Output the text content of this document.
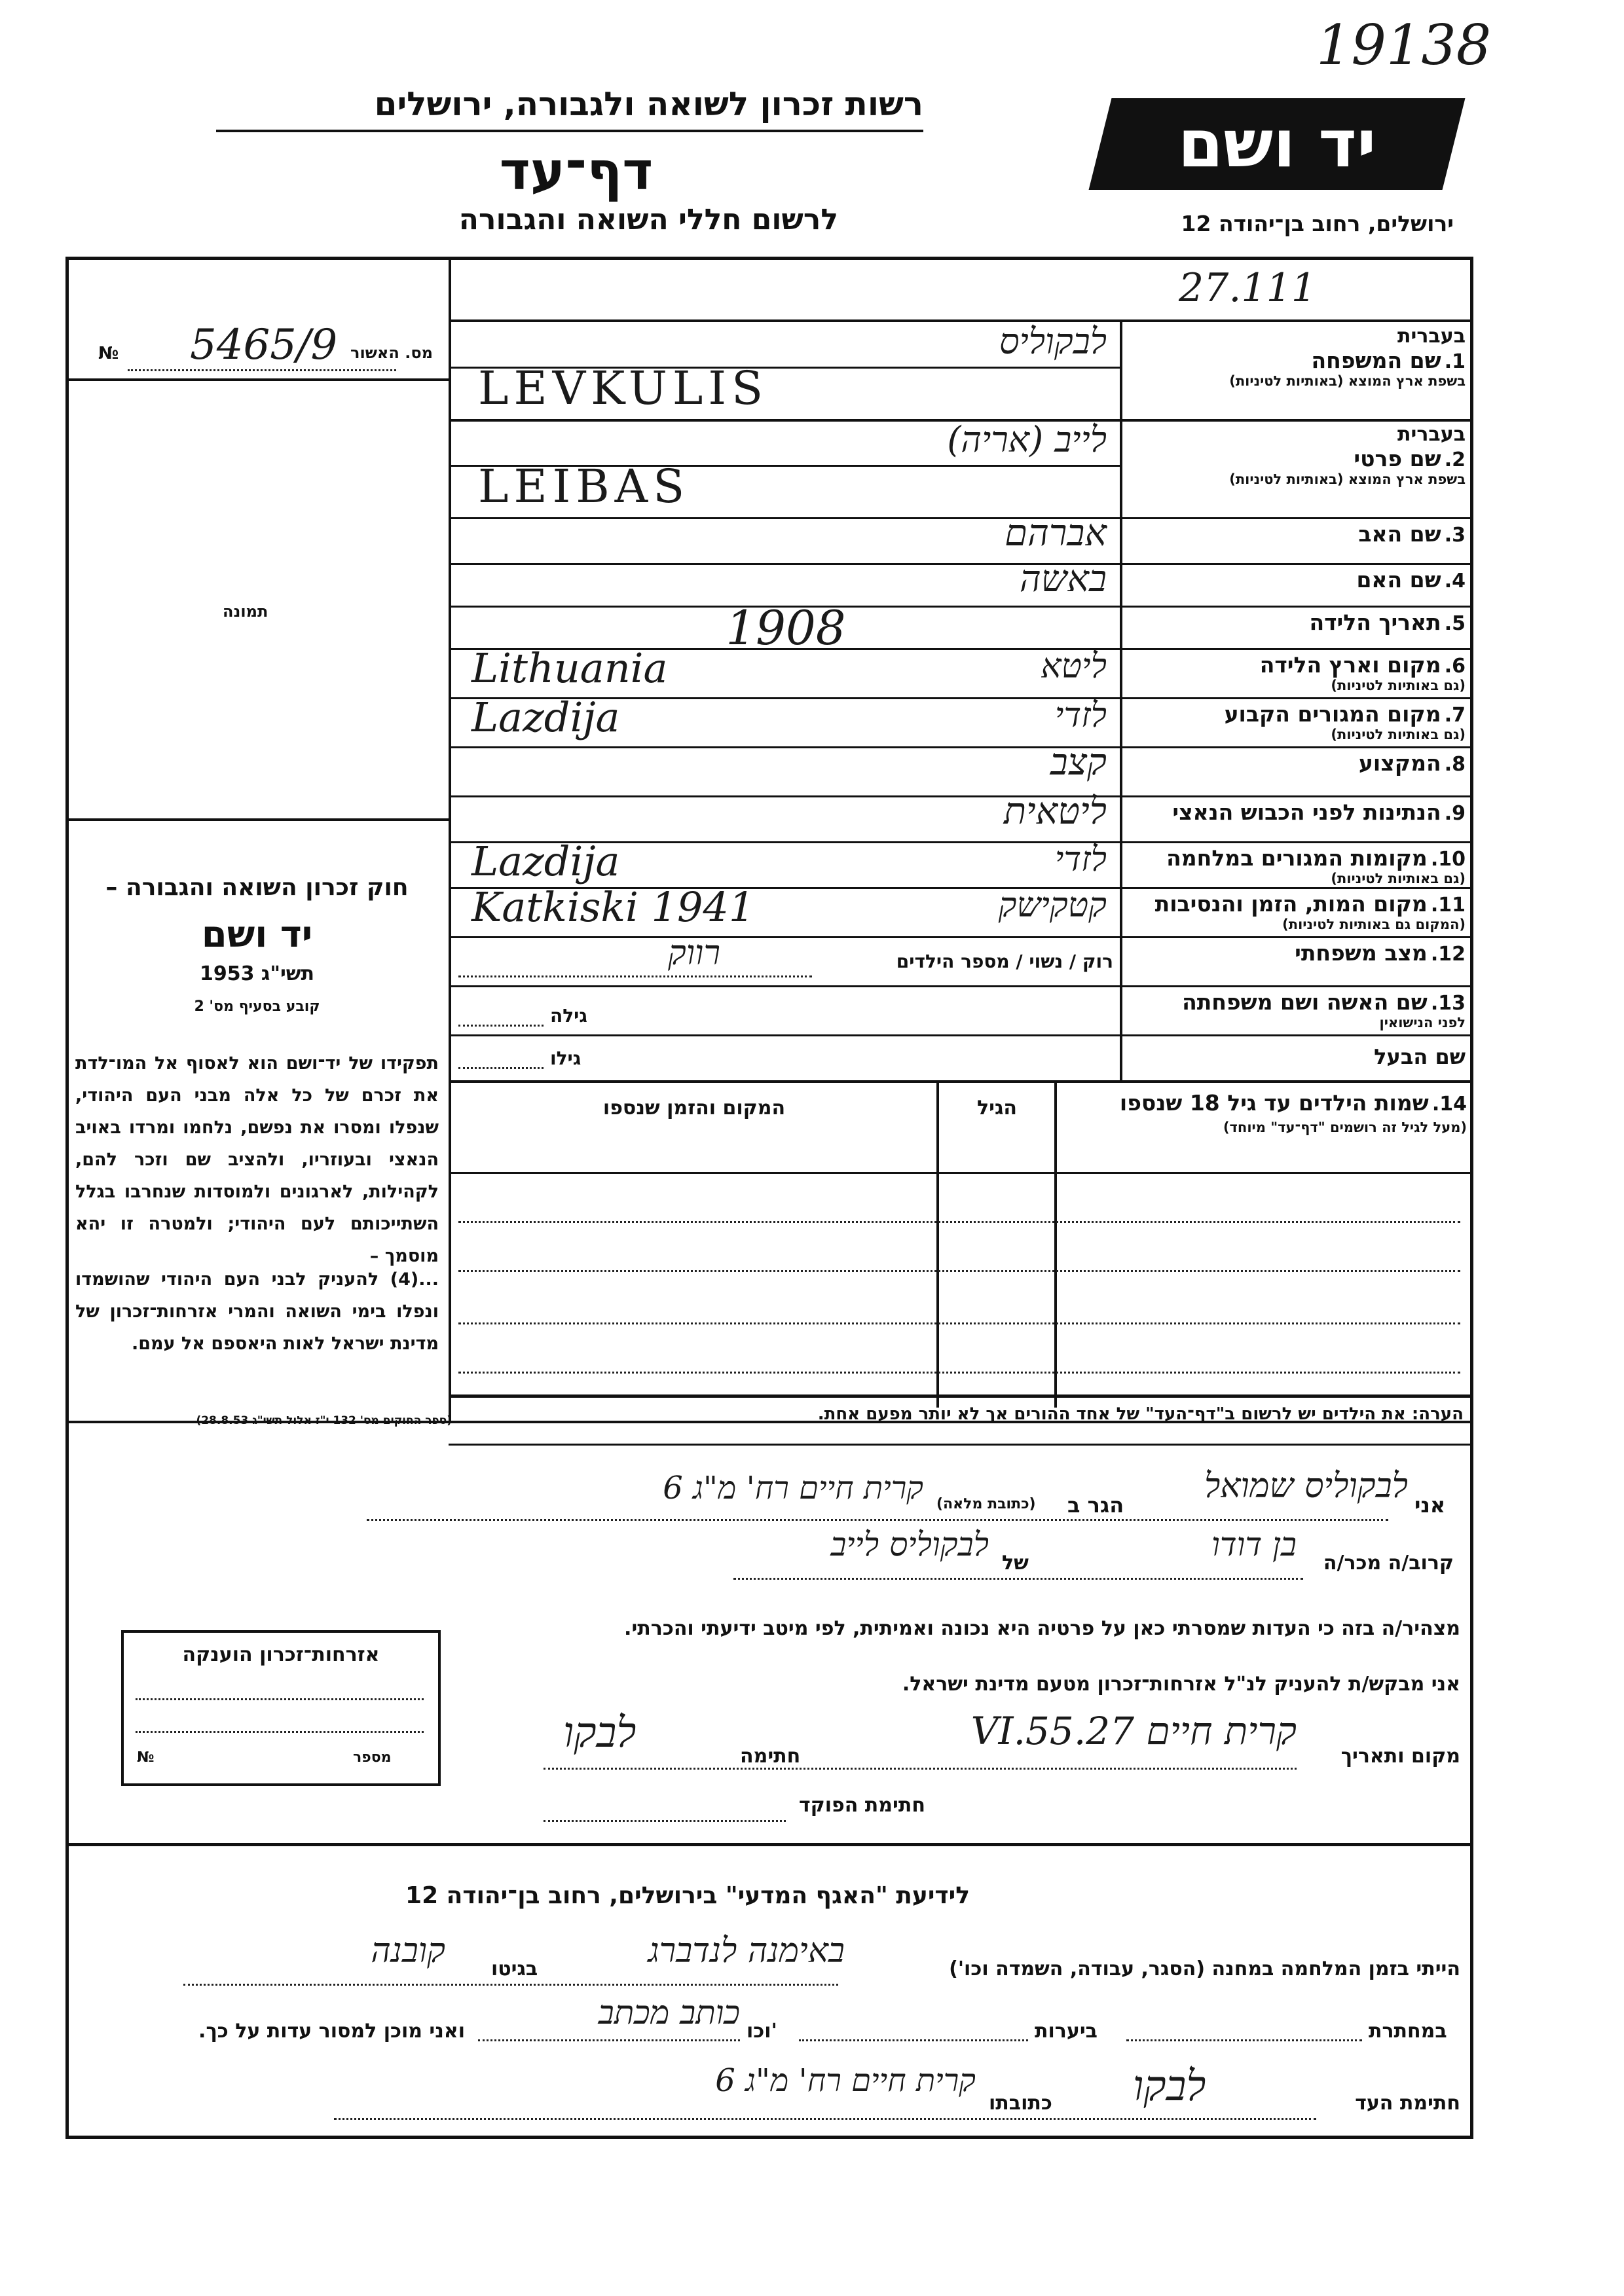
19138
רשות זכרון לשואה ולגבורה, ירושלים
דף־עד
לרשום חללי השואה והגבורה
יד ושם
ירושלים, רחוב בן־יהודה 12
27.111
№ 5465/9 מס. האשור
תמונה
בעברית
1. שם המשפחה
בשפת ארץ המוצא (באותיות לטיניות)
לבקוליס
LEVKULIS
בעברית
2. שם פרטי
בשפת ארץ המוצא (באותיות לטיניות)
לייב (אריה)
LEIBAS
3. שם האב
אברהם
4. שם האם
באשה
5. תאריך הלידה
1908
6. מקום וארץ הלידה
(גם באותיות לטיניות)
Lithuania	ליטא
7. מקום המגורים הקבוע
(גם באותיות לטיניות)
Lazdija	לזדי
8. המקצוע
קצב
9. הנתינות לפני הכבוש הנאצי
ליטאית
10. מקומות המגורים במלחמה
(גם באותיות לטיניות)
Lazdija	לזדי
11. מקום המות, הזמן והנסיבות
(המקום גם באותיות לטיניות)
Katkiski 1941	קטקישק
12. מצב משפחתי
רוק / נשוי / מספר הילדים
רווק
13. שם האשה ושם משפחתה
לפני הנישואין
גילה
שם הבעל
גילו
חוק זכרון השואה והגבורה –
יד ושם
תשי"ג 1953
קובע בסעיף מס' 2
תפקידו של יד־ושם הוא לאסוף אל המו־לדת את זכרם של כל אלה מבני העם היהודי, שנפלו ומסרו את נפשם, נלחמו ומרדו באויב הנאצי ובעוזריו, ולהציב שם וזכר להם, לקהילות, לארגונים ולמוסדות שנחרבו בגלל השתייכותם לעם היהודי; ולמטרה זו יהא מוסמך –
...(4) להעניק לבני העם היהודי שהושמדו ונפלו בימי השואה והמרי אזרחות־זכרון של מדינת ישראל לאות היאספם אל עמם.
14. שמות הילדים עד גיל 18 שנספו
(מעל לגיל זה רושמים "דף־עד" מיוחד)
הגיל
המקום והזמן שנספו
הערה: את הילדים יש לרשום ב"דף־העד" של אחד ההורים אך לא יותר מפעם אחת.
אני
לבקוליס שמואל
הגר ב
(כתובת מלאה)
קרית חיים רח' מ"ג 6
קרוב/ה מכר/ה
בן דודו
של
לבקוליס לייב
מצהיר/ה בזה כי העדות שמסרתי כאן על פרטיה היא נכונה ואמיתית, לפי מיטב ידיעתי והכרתי.
אני מבקש/ת להעניק לנ"ל אזרחות־זכרון מטעם מדינת ישראל.
מקום ותאריך
קרית חיים 27.VI.55
חתימה
לבקו
חתימת הפוקד
אזרחות־זכרון הוענקה
מספר
№
לידיעת "האגף המדעי" בירושלים, רחוב בן־יהודה 12
הייתי בזמן המלחמה במחנה (הסגר, עבודה, השמדה וכו')
באימנה לנדברג
בגיטו
קובנה
במחתרת
ביערות
וכו'
כותב מכתב
ואני מוכן למסור עדות על כך.
חתימת העד
לבקו
כתובתו
קרית חיים רח' מ"ג 6
